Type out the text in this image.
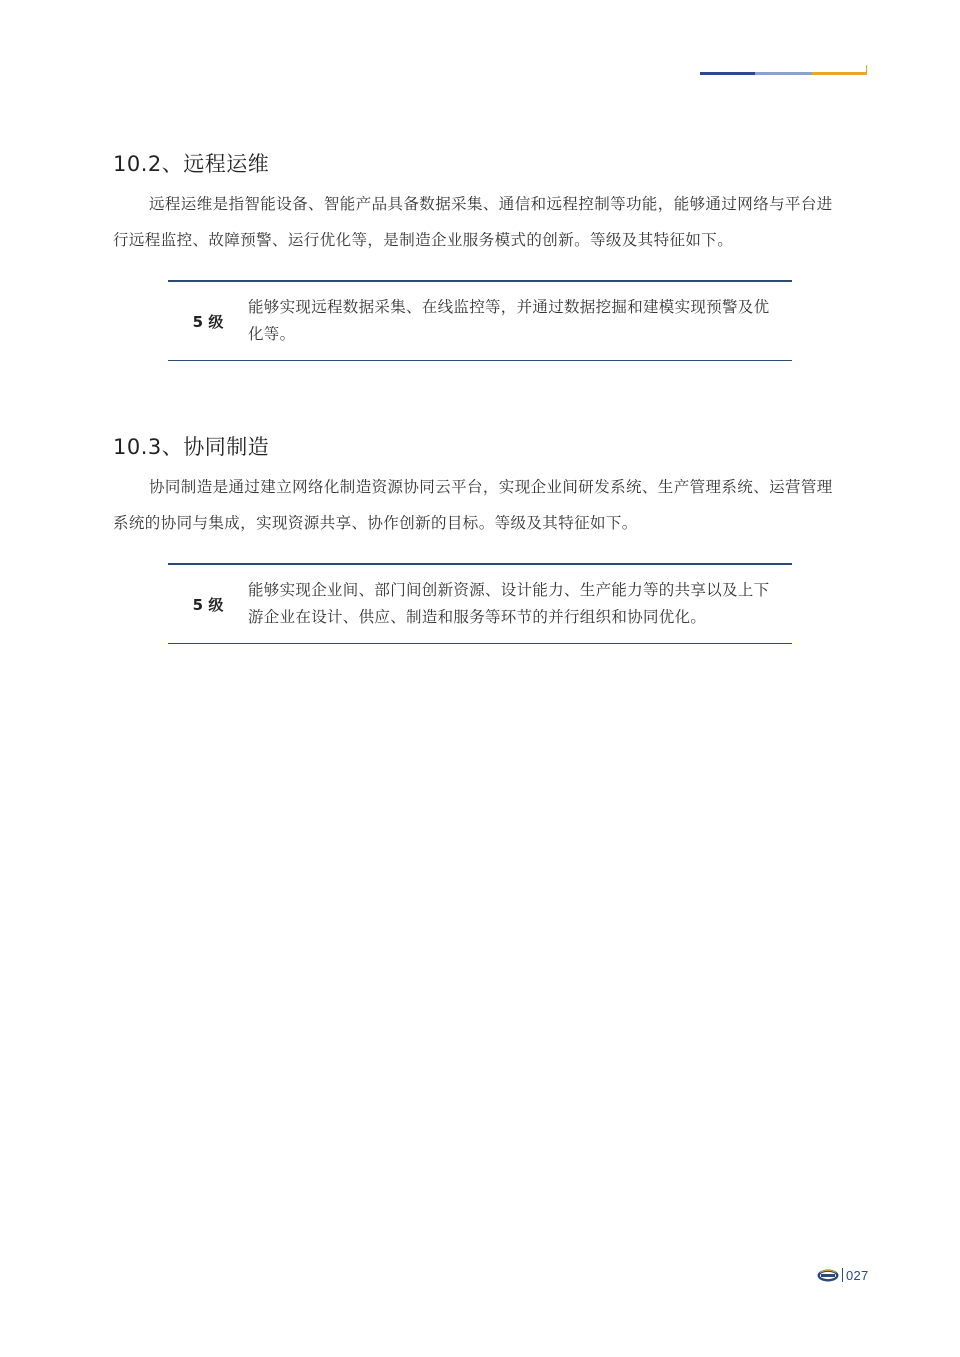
10.2、远程运维

远程运维是指智能设备、智能产品具备数据采集、通信和远程控制等功能，能够通过网络与平台进行远程监控、故障预警、运行优化等，是制造企业服务模式的创新。等级及其特征如下。

5 级
能够实现远程数据采集、在线监控等，并通过数据挖掘和建模实现预警及优化等。
10.3、协同制造

协同制造是通过建立网络化制造资源协同云平台，实现企业间研发系统、生产管理系统、运营管理系统的协同与集成，实现资源共享、协作创新的目标。等级及其特征如下。

5 级
能够实现企业间、部门间创新资源、设计能力、生产能力等的共享以及上下游企业在设计、供应、制造和服务等环节的并行组织和协同优化。
027
